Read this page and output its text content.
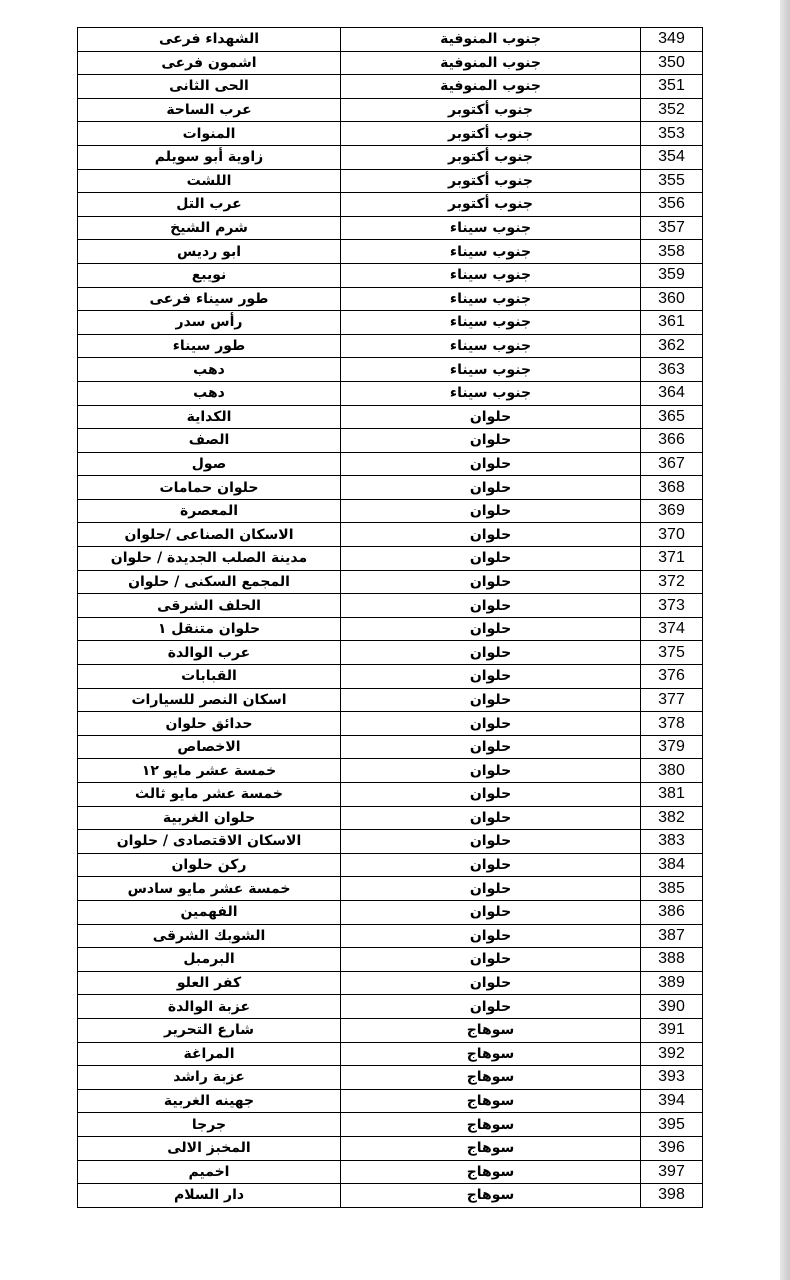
الشهداء فرعى	جنوب المنوفية	349
اشمون فرعى	جنوب المنوفية	350
الحى الثانى	جنوب المنوفية	351
عرب الساحة	جنوب أكتوبر	352
المنوات	جنوب أكتوبر	353
زاوية أبو سويلم	جنوب أكتوبر	354
اللشت	جنوب أكتوبر	355
عرب التل	جنوب أكتوبر	356
شرم الشيخ	جنوب سيناء	357
ابو رديس	جنوب سيناء	358
نويبع	جنوب سيناء	359
طور سيناء فرعى	جنوب سيناء	360
رأس سدر	جنوب سيناء	361
طور سيناء	جنوب سيناء	362
دهب	جنوب سيناء	363
دهب	جنوب سيناء	364
الكداية	حلوان	365
الصف	حلوان	366
صول	حلوان	367
حلوان حمامات	حلوان	368
المعصرة	حلوان	369
الاسكان الصناعى /حلوان	حلوان	370
مدينة الصلب الجديدة / حلوان	حلوان	371
المجمع السكنى / حلوان	حلوان	372
الحلف الشرقى	حلوان	373
حلوان متنقل ١	حلوان	374
عرب الوالدة	حلوان	375
القبابات	حلوان	376
اسكان النصر للسيارات	حلوان	377
حدائق حلوان	حلوان	378
الاخصاص	حلوان	379
خمسة عشر مايو ١٢	حلوان	380
خمسة عشر مايو ثالث	حلوان	381
حلوان الغربية	حلوان	382
الاسكان الاقتصادى / حلوان	حلوان	383
ركن حلوان	حلوان	384
خمسة عشر مايو سادس	حلوان	385
الفهمين	حلوان	386
الشوبك الشرقى	حلوان	387
البرمبل	حلوان	388
كفر العلو	حلوان	389
عزبة الوالدة	حلوان	390
شارع التحرير	سوهاج	391
المراغة	سوهاج	392
عزبة راشد	سوهاج	393
جهينه الغربية	سوهاج	394
جرجا	سوهاج	395
المخبز الالى	سوهاج	396
اخميم	سوهاج	397
دار السلام	سوهاج	398
